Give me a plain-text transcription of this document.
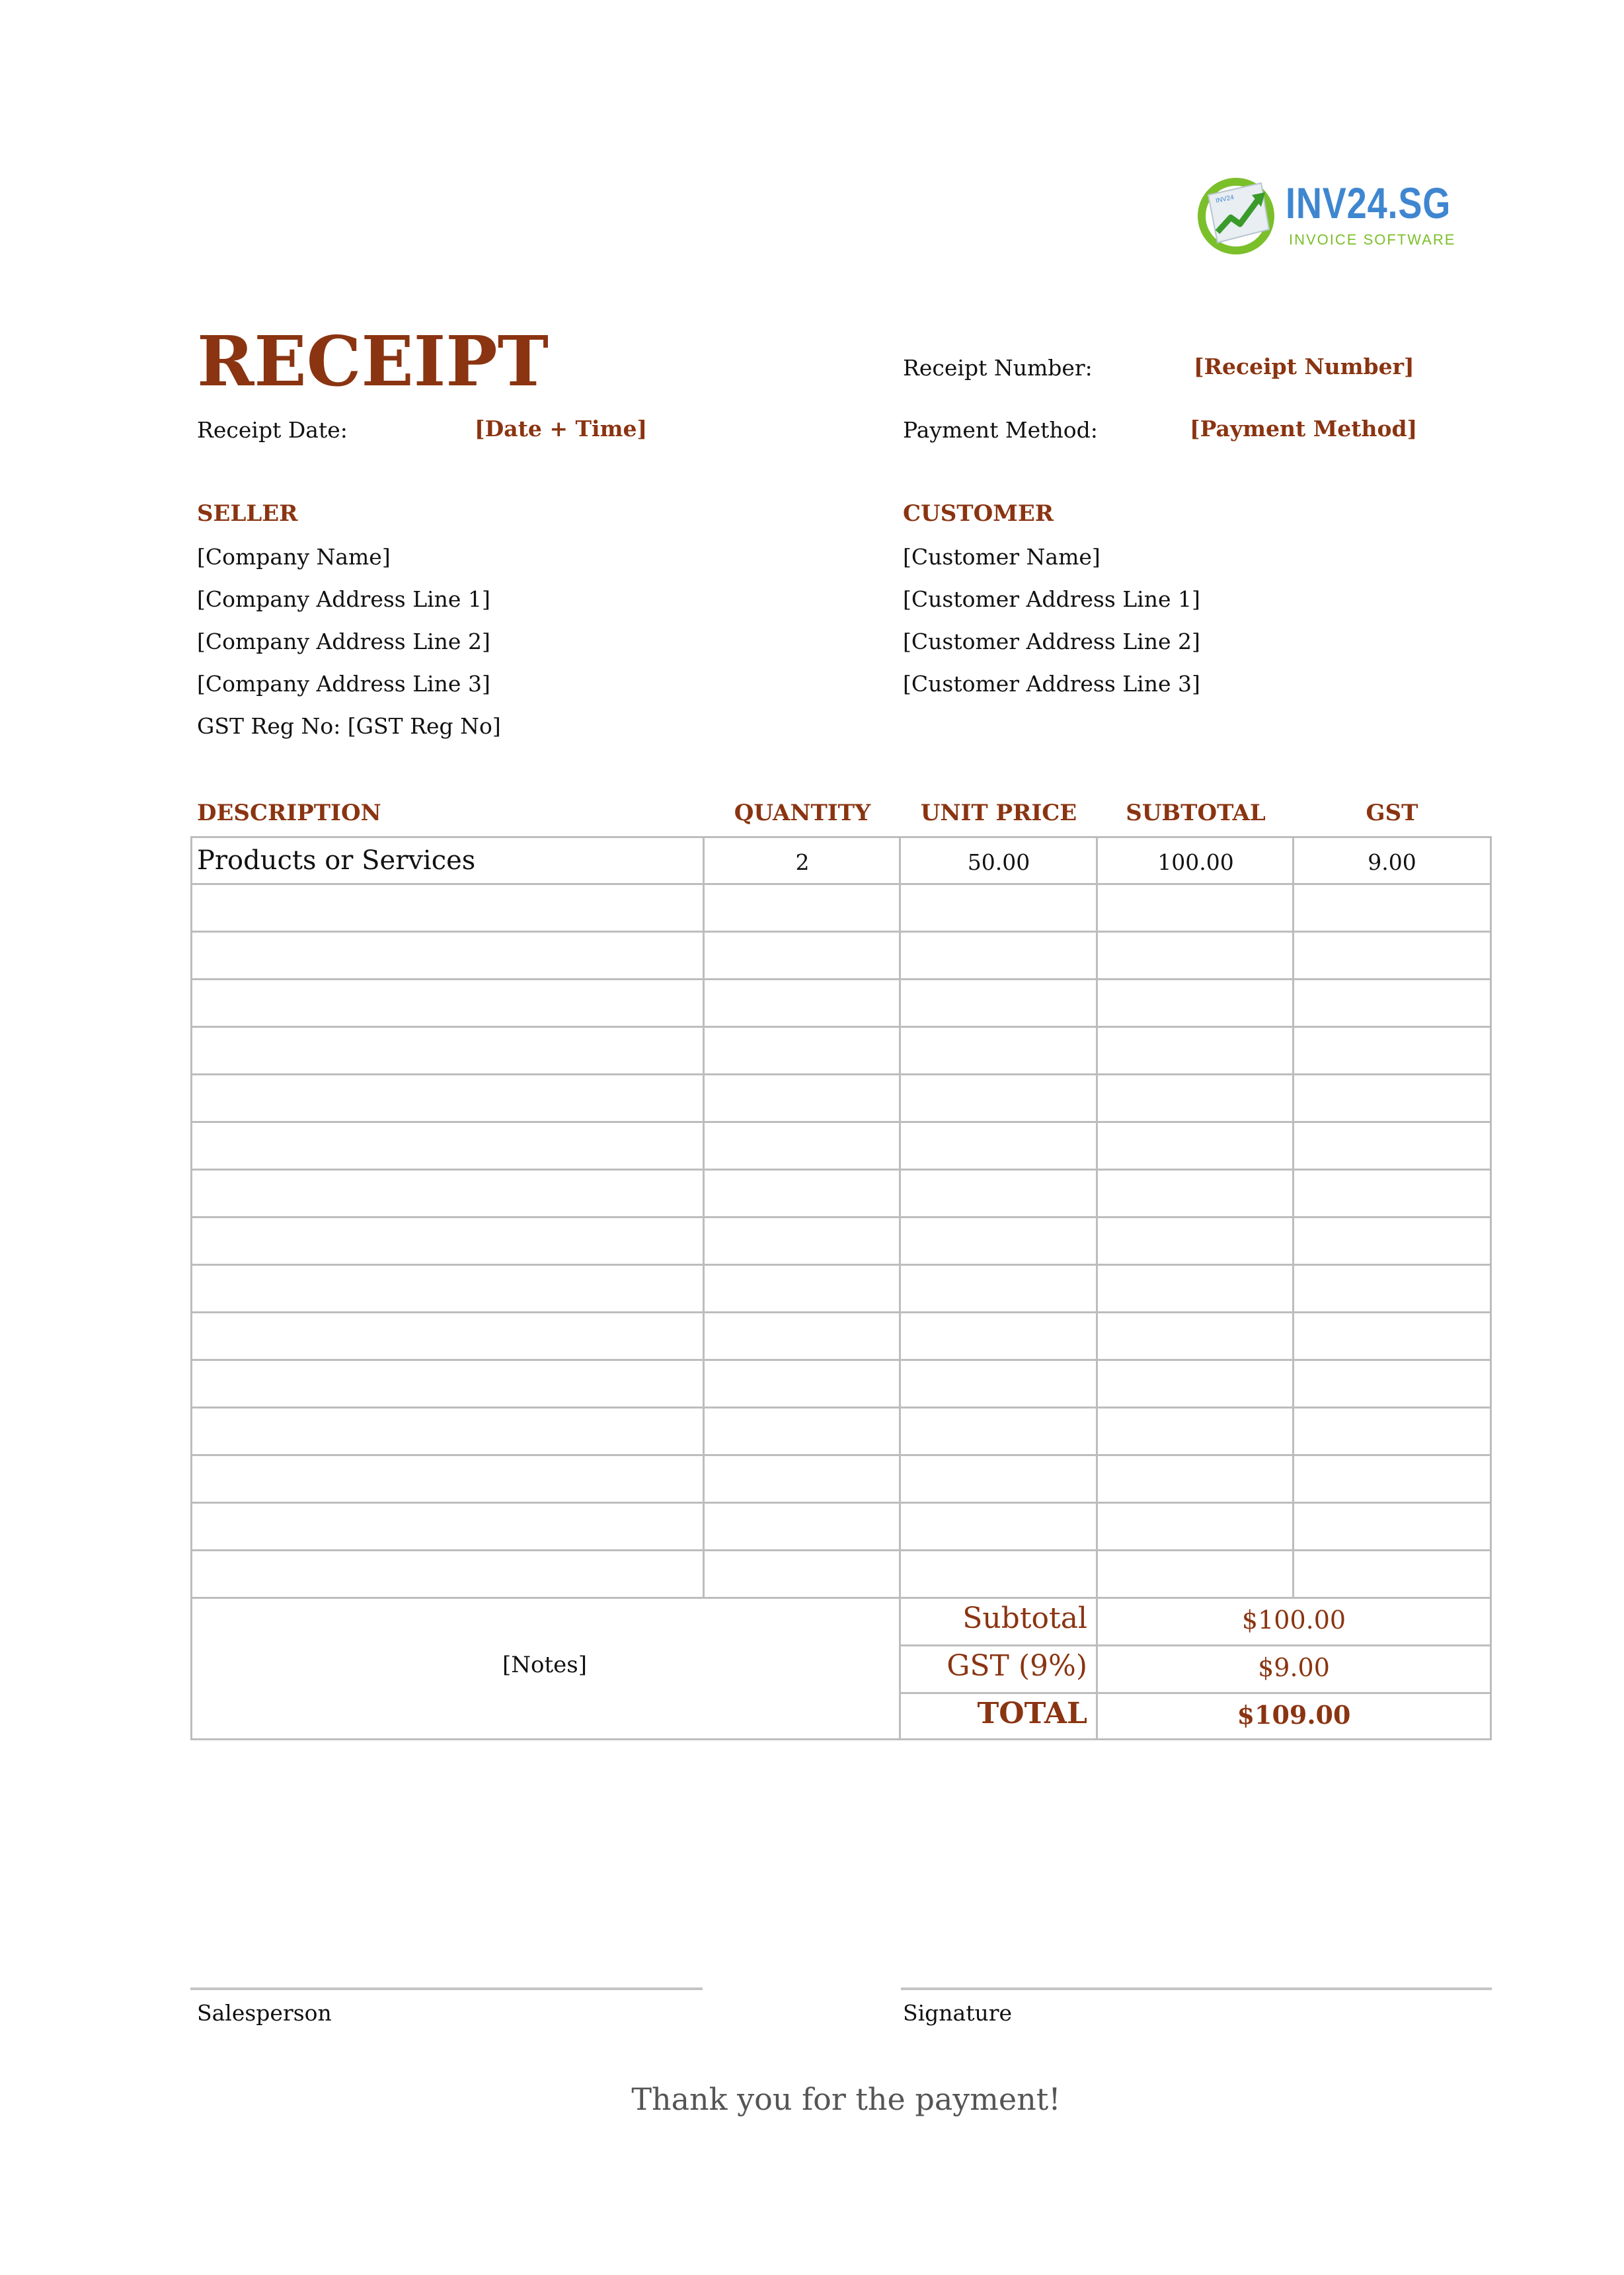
INV24 INV24.SG
INVOICE SOFTWARE
RECEIPT	Receipt Number:	[Receipt Number]
Receipt Date:	[Date + Time]	Payment Method:	[Payment Method]
SELLER
[Company Name]
[Company Address Line 1]
[Company Address Line 2]
[Company Address Line 3]
GST Reg No: [GST Reg No]
CUSTOMER
[Customer Name]
[Customer Address Line 1]
[Customer Address Line 2]
[Customer Address Line 3]
DESCRIPTION	QUANTITY	UNIT PRICE	SUBTOTAL	GST
Products or Services	2	50.00	100.00	9.00
[Notes]
Subtotal	$100.00
GST (9%)	$9.00
TOTAL	$109.00
Salesperson	Signature
Thank you for the payment!
